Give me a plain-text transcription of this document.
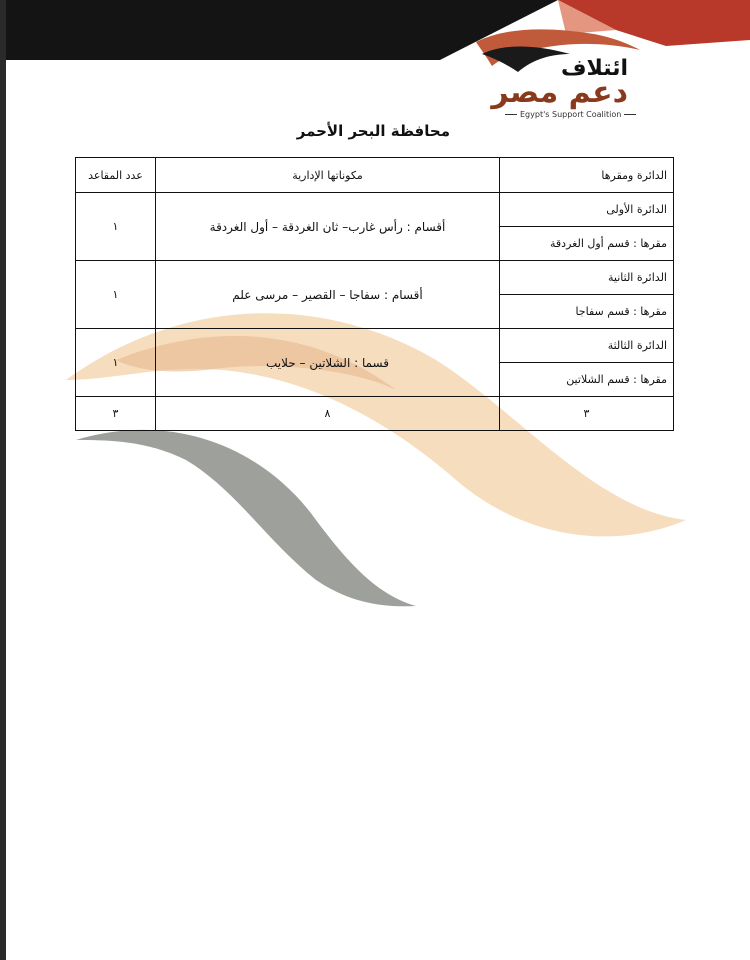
ائتلاف
دعم مصر
Egypt's Support Coalition
محافظة البحر الأحمر
الدائرة ومقرها	مكوناتها الإدارية	عدد المقاعد
الدائرة الأولى	أقسام : رأس غارب– ثان الغردقة – أول الغردقة	١
مقرها : قسم أول الغردقة		
الدائرة الثانية	أقسام : سفاجا – القصير – مرسى علم	١
مقرها : قسم سفاجا		
الدائرة الثالثة	قسما : الشلاتين – حلايب	١
مقرها : قسم الشلاتين		
٣	٨	٣
